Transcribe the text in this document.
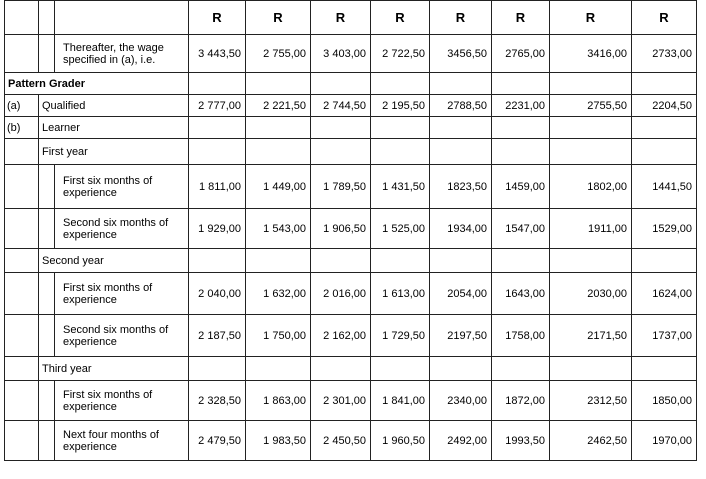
			R	R	R	R	R	R	R	R
		Thereafter, the wage specified in (a), i.e.	3 443,50	2 755,00	3 403,00	2 722,50	3456,50	2765,00	3416,00	2733,00
Pattern Grader										
(a)	Qualified		2 777,00	2 221,50	2 744,50	2 195,50	2788,50	2231,00	2755,50	2204,50
(b)	Learner									
	First year									
		First six months of experience	1 811,00	1 449,00	1 789,50	1 431,50	1823,50	1459,00	1802,00	1441,50
		Second six months of experience	1 929,00	1 543,00	1 906,50	1 525,00	1934,00	1547,00	1911,00	1529,00
	Second year									
		First six months of experience	2 040,00	1 632,00	2 016,00	1 613,00	2054,00	1643,00	2030,00	1624,00
		Second six months of experience	2 187,50	1 750,00	2 162,00	1 729,50	2197,50	1758,00	2171,50	1737,00
	Third year									
		First six months of experience	2 328,50	1 863,00	2 301,00	1 841,00	2340,00	1872,00	2312,50	1850,00
		Next four months of experience	2 479,50	1 983,50	2 450,50	1 960,50	2492,00	1993,50	2462,50	1970,00
